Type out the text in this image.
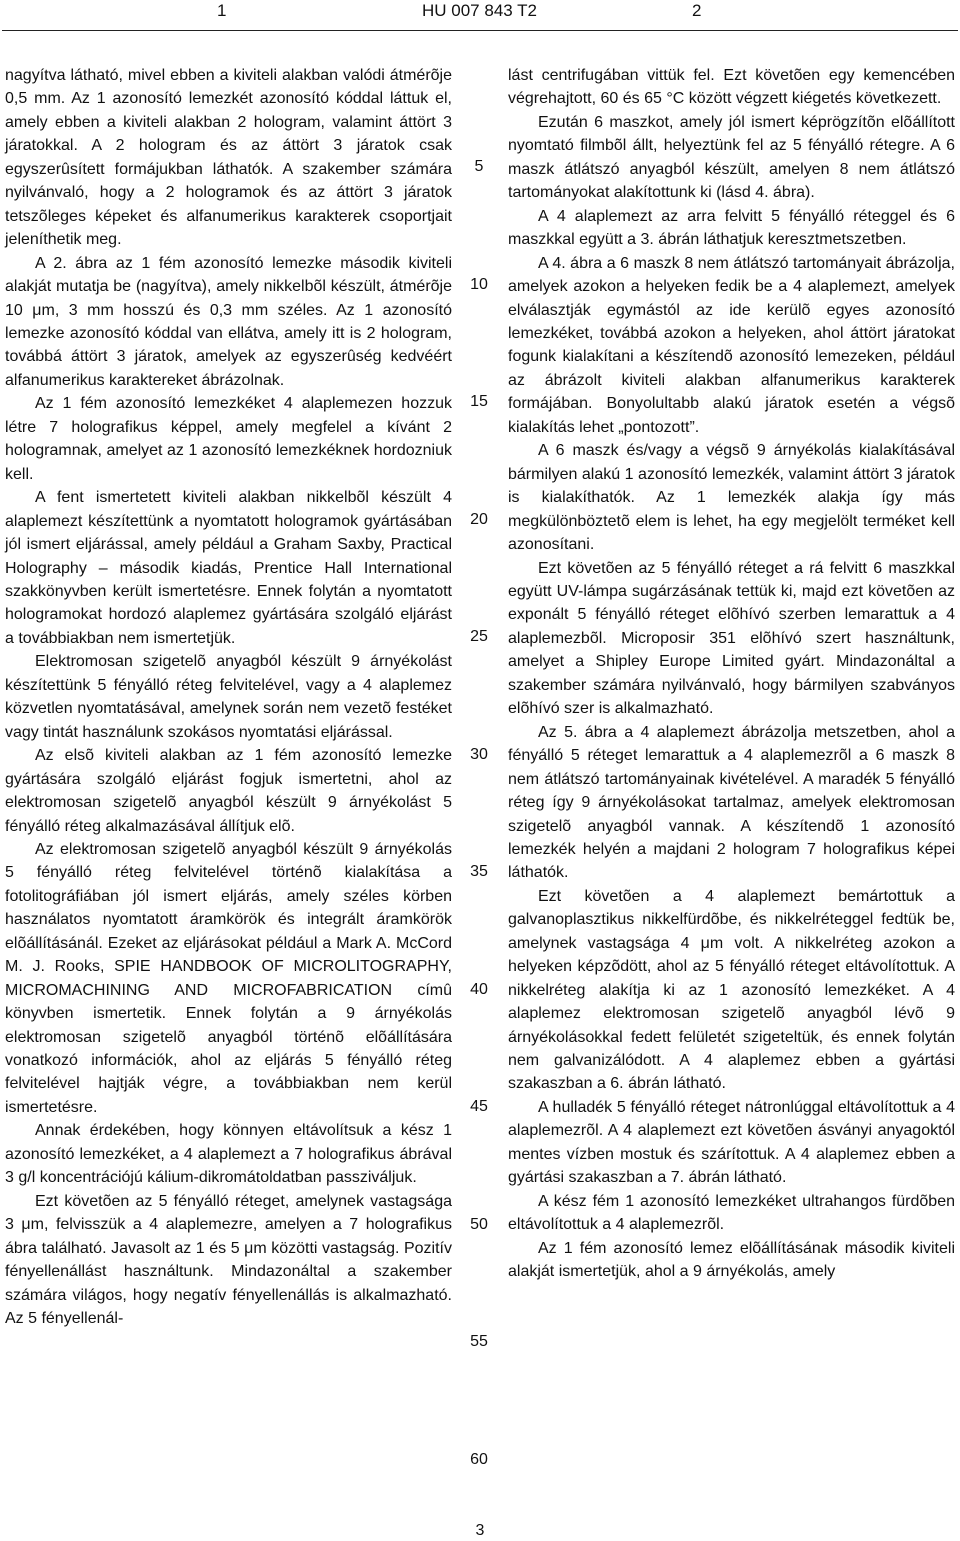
1	HU 007 843 T2	2

nagyítva látható, mivel ebben a kiviteli alakban valódi átmérõje 0,5 mm. Az 1 azonosító lemezkét azonosító kóddal láttuk el, amely ebben a kiviteli alakban 2 hologram, valamint áttört 3 járatokkal. A 2 hologram és az áttört 3 járatok csak egyszerûsített formájukban láthatók. A szakember számára nyilvánvaló, hogy a 2 hologramok és az áttört 3 járatok tetszõleges képeket és alfanumerikus karakterek csoportjait jeleníthetik meg.

A 2. ábra az 1 fém azonosító lemezke második kiviteli alakját mutatja be (nagyítva), amely nikkelbõl készült, átmérõje 10 μm, 3 mm hosszú és 0,3 mm széles. Az 1 azonosító lemezke azonosító kóddal van ellátva, amely itt is 2 hologram, továbbá áttört 3 járatok, amelyek az egyszerûség kedvéért alfanumerikus karaktereket ábrázolnak.

Az 1 fém azonosító lemezkéket 4 alaplemezen hozzuk létre 7 holografikus képpel, amely megfelel a kívánt 2 hologramnak, amelyet az 1 azonosító lemezkéknek hordozniuk kell.

A fent ismertetett kiviteli alakban nikkelbõl készült 4 alaplemezt készítettünk a nyomtatott hologramok gyártásában jól ismert eljárással, amely például a Graham Saxby, Practical Holography – második kiadás, Prentice Hall International szakkönyvben került ismertetésre. Ennek folytán a nyomtatott hologramokat hordozó alaplemez gyártására szolgáló eljárást a továbbiakban nem ismertetjük.

Elektromosan szigetelõ anyagból készült 9 árnyékolást készítettünk 5 fényálló réteg felvitelével, vagy a 4 alaplemez közvetlen nyomtatásával, amelynek során nem vezetõ festéket vagy tintát használunk szokásos nyomtatási eljárással.

Az elsõ kiviteli alakban az 1 fém azonosító lemezke gyártására szolgáló eljárást fogjuk ismertetni, ahol az elektromosan szigetelõ anyagból készült 9 árnyékolást 5 fényálló réteg alkalmazásával állítjuk elõ.

Az elektromosan szigetelõ anyagból készült 9 árnyékolás 5 fényálló réteg felvitelével történõ kialakítása a fotolitográfiában jól ismert eljárás, amely széles körben használatos nyomtatott áramkörök és integrált áramkörök elõállításánál. Ezeket az eljárásokat például a Mark A. McCord M. J. Rooks, SPIE HANDBOOK OF MICROLITOGRAPHY, MICROMACHINING AND MICROFABRICATION címû könyvben ismertetik. Ennek folytán a 9 árnyékolás elektromosan szigetelõ anyagból történõ elõállítására vonatkozó információk, ahol az eljárás 5 fényálló réteg felvitelével hajtják végre, a továbbiakban nem kerül ismertetésre.

Annak érdekében, hogy könnyen eltávolítsuk a kész 1 azonosító lemezkéket, a 4 alaplemezt a 7 holografikus ábrával 3 g/l koncentrációjú kálium-dikromátoldatban passziváljuk.

Ezt követõen az 5 fényálló réteget, amelynek vastagsága 3 μm, felvisszük a 4 alaplemezre, amelyen a 7 holografikus ábra található. Javasolt az 1 és 5 μm közötti vastagság. Pozitív fényellenállást használtunk. Mindazonáltal a szakember számára világos, hogy negatív fényellenállás is alkalmazható. Az 5 fényellenál-

5
10
15
20
25
30
35
40
45
50
55
60

lást centrifugában vittük fel. Ezt követõen egy kemencében végrehajtott, 60 és 65 °C között végzett kiégetés következett.

Ezután 6 maszkot, amely jól ismert képrögzítõn elõállított nyomtató filmbõl állt, helyeztünk fel az 5 fényálló rétegre. A 6 maszk átlátszó anyagból készült, amelyen 8 nem átlátszó tartományokat alakítottunk ki (lásd 4. ábra).

A 4 alaplemezt az arra felvitt 5 fényálló réteggel és 6 maszkkal együtt a 3. ábrán láthatjuk keresztmetszetben.

A 4. ábra a 6 maszk 8 nem átlátszó tartományait ábrázolja, amelyek azokon a helyeken fedik be a 4 alaplemezt, amelyek elválasztják egymástól az ide kerülõ egyes azonosító lemezkéket, továbbá azokon a helyeken, ahol áttört járatokat fogunk kialakítani a készítendõ azonosító lemezeken, például az ábrázolt kiviteli alakban alfanumerikus karakterek formájában. Bonyolultabb alakú járatok esetén a végsõ kialakítás lehet „pontozott”.

A 6 maszk és/vagy a végsõ 9 árnyékolás kialakításával bármilyen alakú 1 azonosító lemezkék, valamint áttört 3 járatok is kialakíthatók. Az 1 lemezkék alakja így más megkülönböztetõ elem is lehet, ha egy megjelölt terméket kell azonosítani.

Ezt követõen az 5 fényálló réteget a rá felvitt 6 maszkkal együtt UV-lámpa sugárzásának tettük ki, majd ezt követõen az exponált 5 fényálló réteget elõhívó szerben lemarattuk a 4 alaplemezbõl. Microposir 351 elõhívó szert használtunk, amelyet a Shipley Europe Limited gyárt. Mindazonáltal a szakember számára nyilvánvaló, hogy bármilyen szabványos elõhívó szer is alkalmazható.

Az 5. ábra a 4 alaplemezt ábrázolja metszetben, ahol a fényálló 5 réteget lemarattuk a 4 alaplemezrõl a 6 maszk 8 nem átlátszó tartományainak kivételével. A maradék 5 fényálló réteg így 9 árnyékolásokat tartalmaz, amelyek elektromosan szigetelõ anyagból vannak. A készítendõ 1 azonosító lemezkék helyén a majdani 2 hologram 7 holografikus képei láthatók.

Ezt követõen a 4 alaplemezt bemártottuk a galvanoplasztikus nikkelfürdõbe, és nikkelréteggel fedtük be, amelynek vastagsága 4 μm volt. A nikkelréteg azokon a helyeken képzõdött, ahol az 5 fényálló réteget eltávolítottuk. A nikkelréteg alakítja ki az 1 azonosító lemezkéket. A 4 alaplemez elektromosan szigetelõ anyagból lévõ 9 árnyékolásokkal fedett felületét szigeteltük, és ennek folytán nem galvanizálódott. A 4 alaplemez ebben a gyártási szakaszban a 6. ábrán látható.

A hulladék 5 fényálló réteget nátronlúggal eltávolítottuk a 4 alaplemezrõl. A 4 alaplemezt ezt követõen ásványi anyagoktól mentes vízben mostuk és szárítottuk. A 4 alaplemez ebben a gyártási szakaszban a 7. ábrán látható.

A kész fém 1 azonosító lemezkéket ultrahangos fürdõben eltávolítottuk a 4 alaplemezrõl.

Az 1 fém azonosító lemez elõállításának második kiviteli alakját ismertetjük, ahol a 9 árnyékolás, amely

3
